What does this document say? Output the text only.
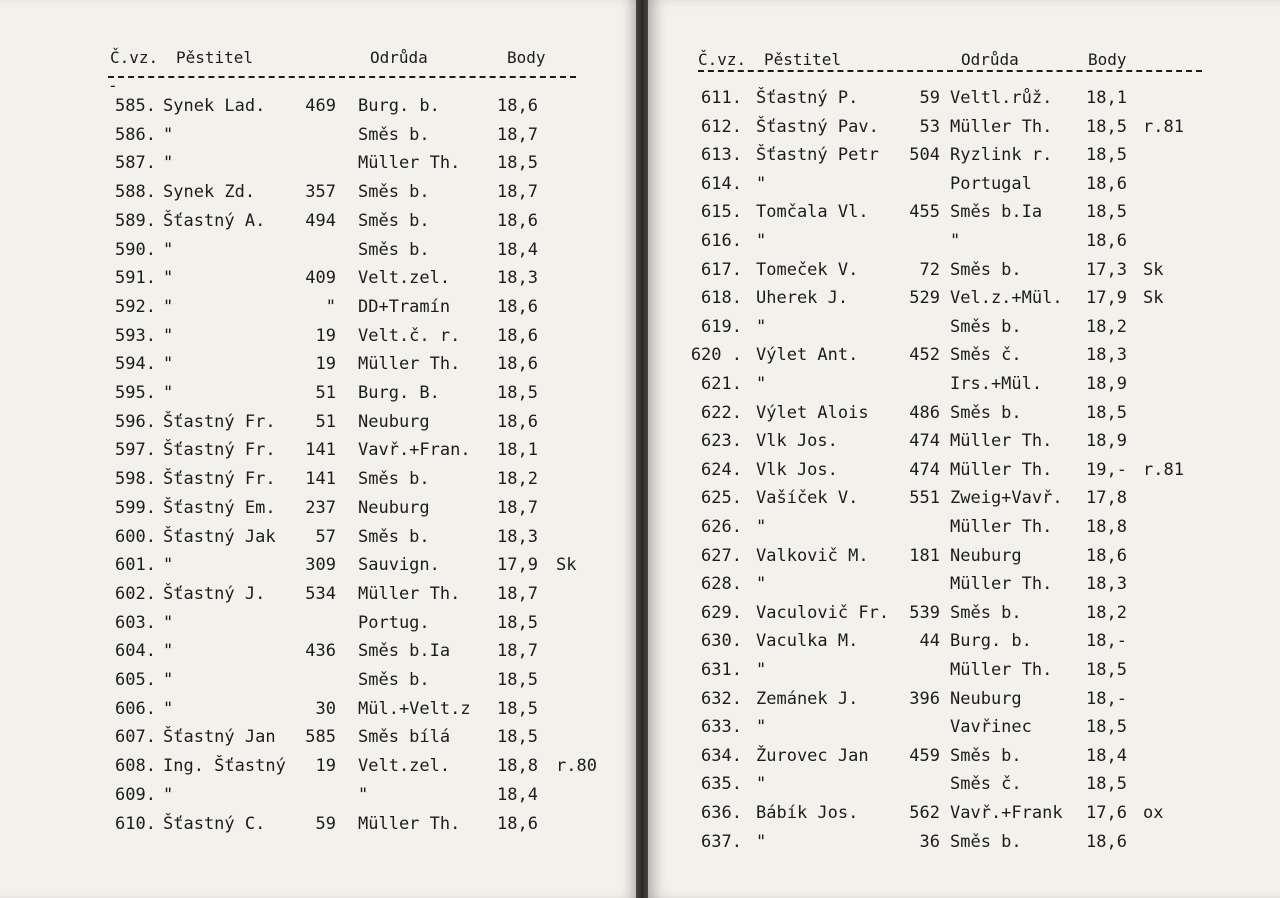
Č.vz. Pěstitel	Odrůda	Body
-
585. Synek Lad.	469 Burg. b.	18,6
586. "	Směs b.	18,7
587. "	Müller Th. 18,5
588. Synek Zd.	357 Směs b.	18,7
589. Šťastný A.	494 Směs b.	18,6
590. "	Směs b.	18,4
591. "	409 Velt.zel.	18,3
592. "	" DD+Tramín	18,6
593. "	19 Velt.č. r. 18,6
594. "	19 Müller Th. 18,6
595. "	51 Burg. B.	18,5
596. Šťastný Fr.	51 Neuburg	18,6
597. Šťastný Fr.	141 Vavř.+Fran. 18,1
598. Šťastný Fr.	141 Směs b.	18,2
599. Šťastný Em.	237 Neuburg	18,7
600. Šťastný Jak	57 Směs b.	18,3
601. "	309 Sauvign.	17,9 Sk
602. Šťastný J.	534 Müller Th. 18,7
603. "	Portug.	18,5
604. "	436 Směs b.Ia	18,7
605. "	Směs b.	18,5
606. "	30 Mül.+Velt.z 18,5
607. Šťastný Jan	585 Směs bílá	18,5
608. Ing. Šťastný	19 Velt.zel.	18,8 r.80
609. "	"	18,4
610. Šťastný C.	59 Müller Th. 18,6
Č.vz. Pěstitel	Odrůda	Body
611. Šťastný P.	59 Veltl.růž. 18,1
612. Šťastný Pav.	53 Müller Th. 18,5 r.81
613. Šťastný Petr	504 Ryzlink r. 18,5
614. "	Portugal	18,6
615. Tomčala Vl.	455 Směs b.Ia	18,5
616. "	"	18,6
617. Tomeček V.	72 Směs b.	17,3 Sk
618. Uherek J.	529 Vel.z.+Mül. 17,9 Sk
619. "	Směs b.	18,2
620 . Výlet Ant.	452 Směs č.	18,3
621. "	Irs.+Mül.	18,9
622. Výlet Alois	486 Směs b.	18,5
623. Vlk Jos.	474 Müller Th. 18,9
624. Vlk Jos.	474 Müller Th. 19,- r.81
625. Vašíček V.	551 Zweig+Vavř. 17,8
626. "	Müller Th. 18,8
627. Valkovič M.	181 Neuburg	18,6
628. "	Müller Th. 18,3
629. Vaculovič Fr.	539 Směs b.	18,2
630. Vaculka M.	44 Burg. b.	18,-
631. "	Müller Th. 18,5
632. Zemánek J.	396 Neuburg	18,-
633. "	Vavřinec	18,5
634. Žurovec Jan	459 Směs b.	18,4
635. "	Směs č.	18,5
636. Bábík Jos.	562 Vavř.+Frank 17,6 ox
637. "	36 Směs b.	18,6
